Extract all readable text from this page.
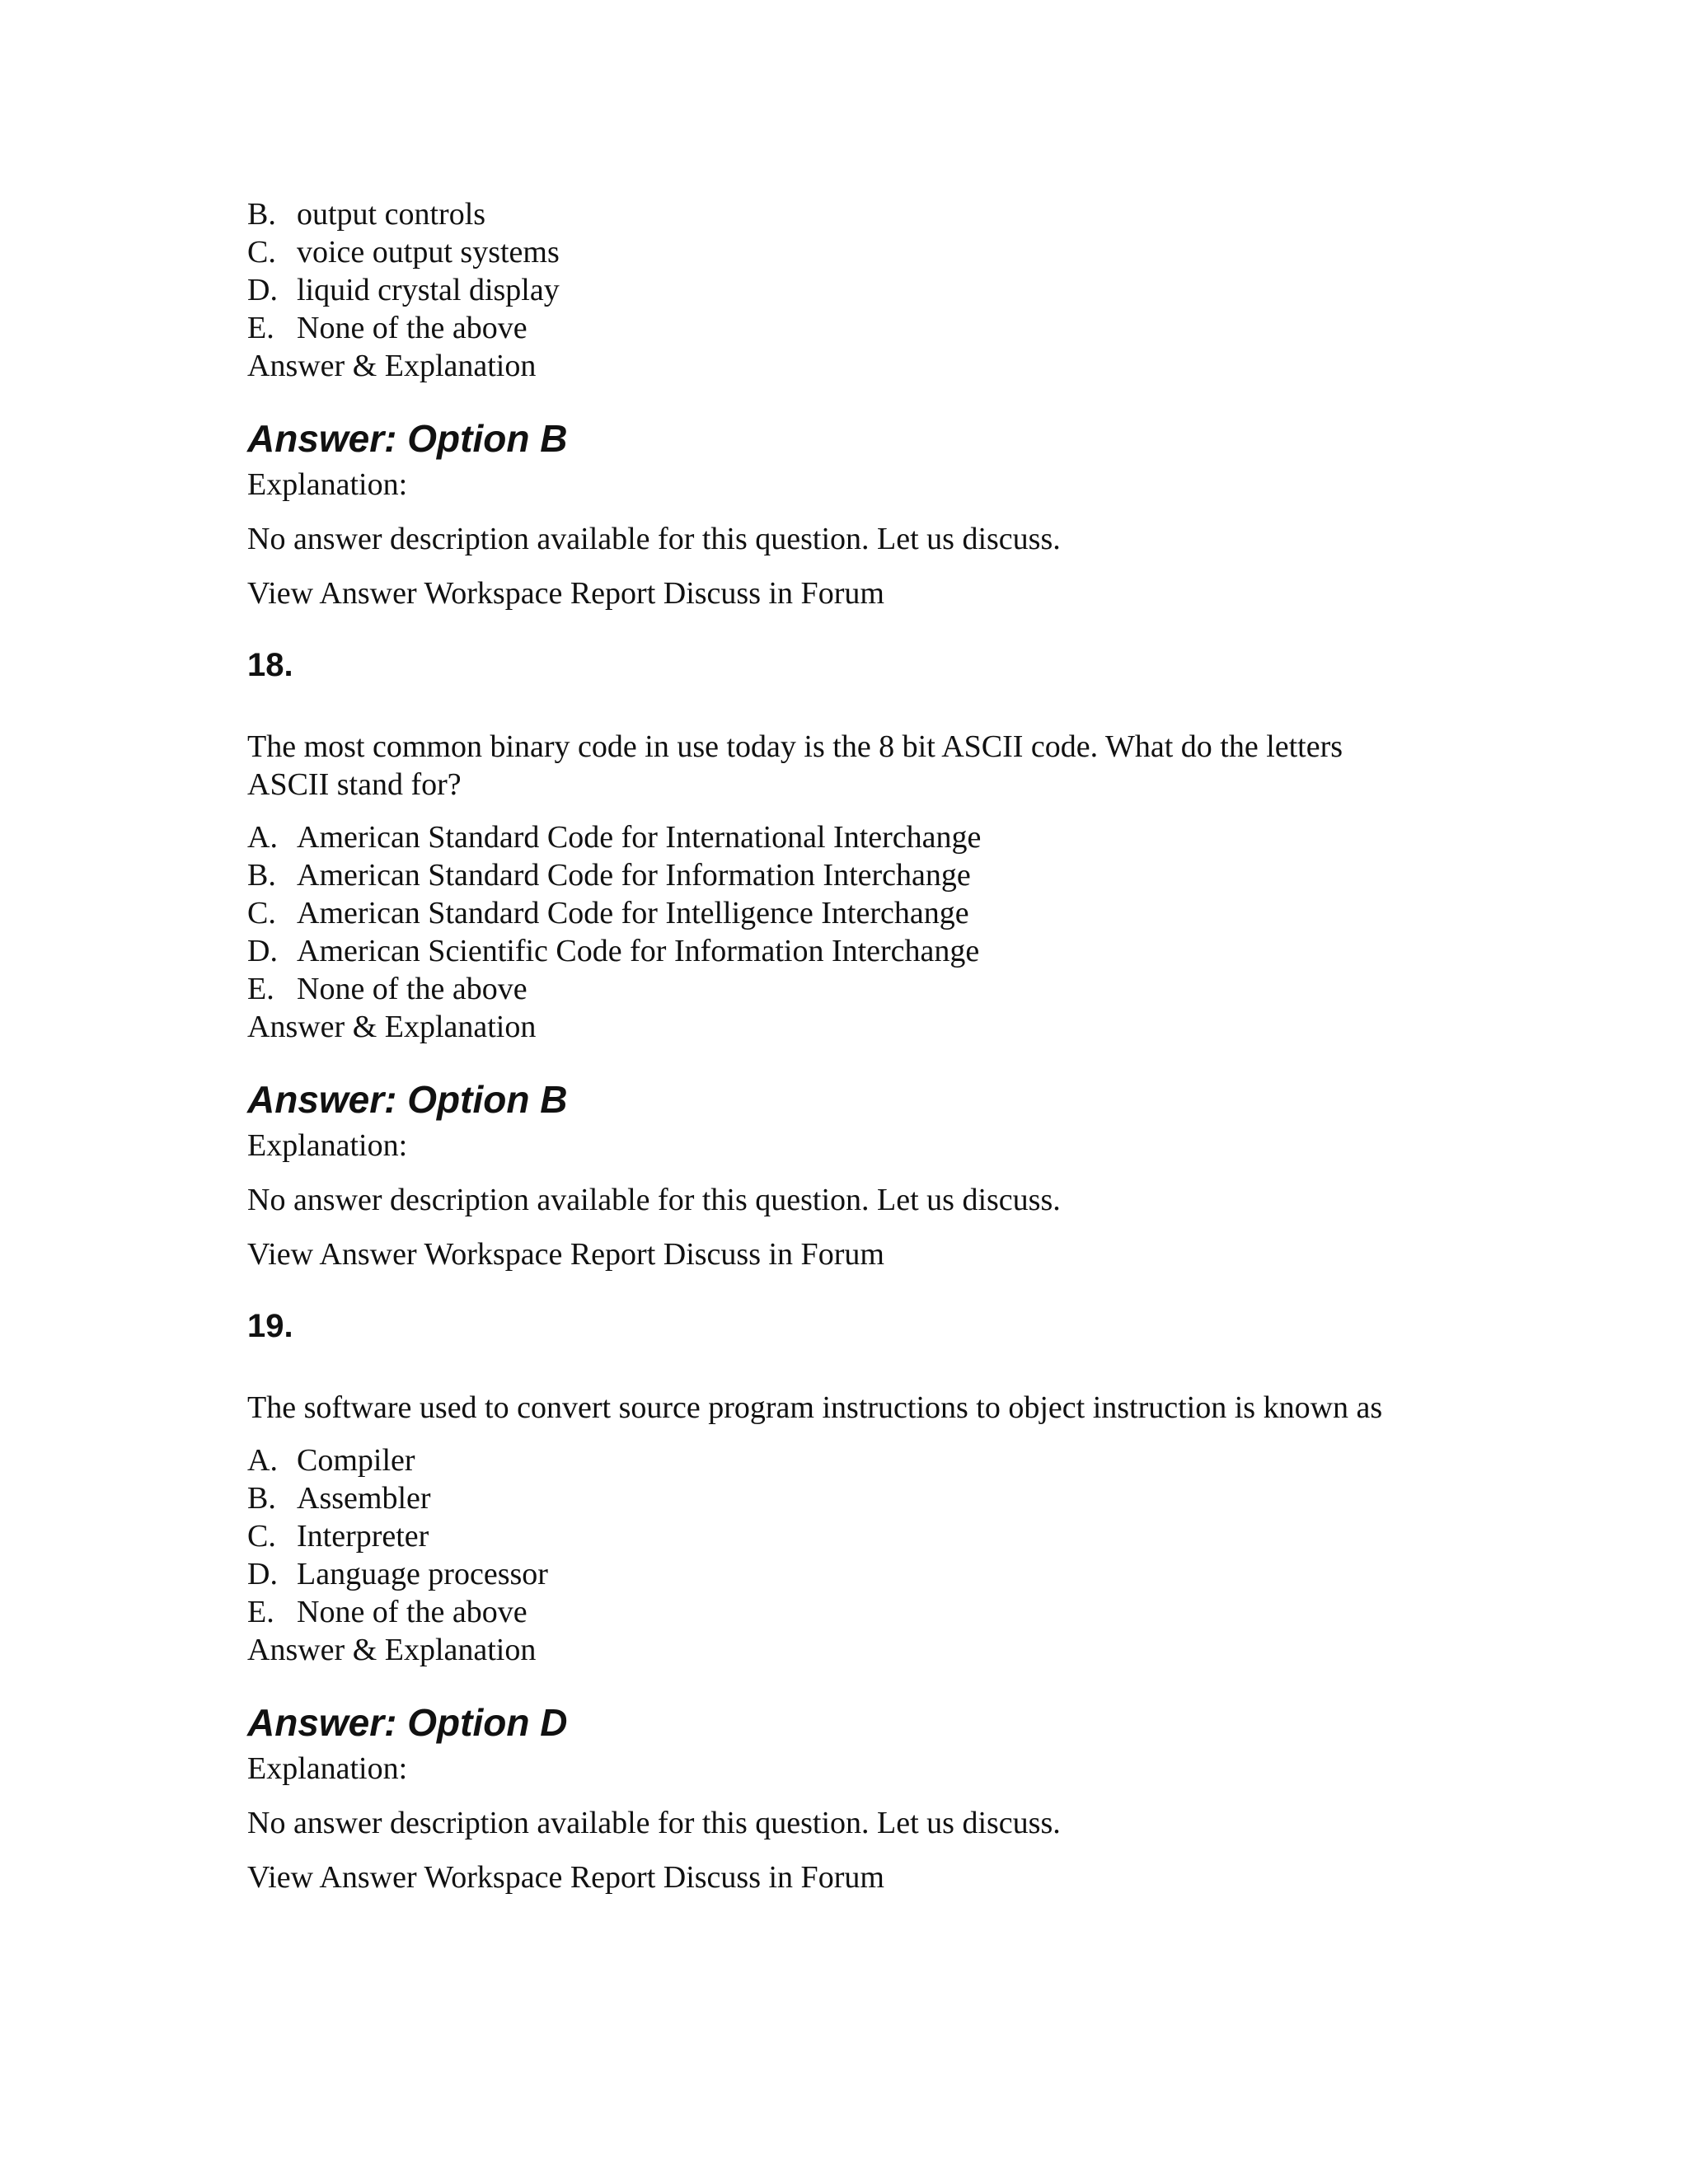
B. output controls
C. voice output systems
D. liquid crystal display
E. None of the above

Answer & Explanation

Answer: Option B

Explanation:

No answer description available for this question. Let us discuss.

View Answer Workspace Report Discuss in Forum

18.

The most common binary code in use today is the 8 bit ASCII code. What do the letters ASCII stand for?

A. American Standard Code for International Interchange
B. American Standard Code for Information Interchange
C. American Standard Code for Intelligence Interchange
D. American Scientific Code for Information Interchange
E. None of the above

Answer & Explanation

Answer: Option B

Explanation:

No answer description available for this question. Let us discuss.

View Answer Workspace Report Discuss in Forum

19.

The software used to convert source program instructions to object instruction is known as

A. Compiler
B. Assembler
C. Interpreter
D. Language processor
E. None of the above

Answer & Explanation

Answer: Option D

Explanation:

No answer description available for this question. Let us discuss.

View Answer Workspace Report Discuss in Forum
